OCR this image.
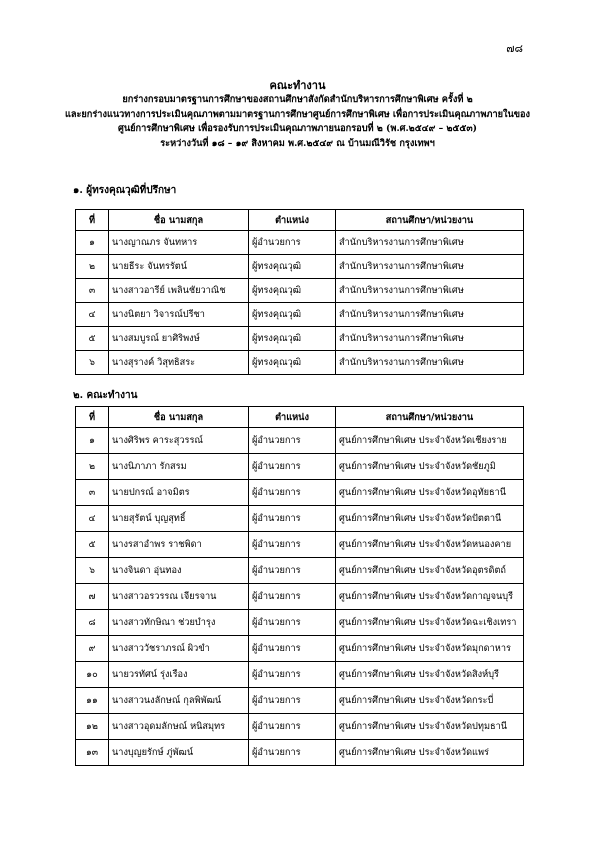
๗๘
คณะทำงาน
ยกร่างกรอบมาตรฐานการศึกษาของสถานศึกษาสังกัดสำนักบริหารการศึกษาพิเศษ ครั้งที่ ๒
และยกร่างแนวทางการประเมินคุณภาพตามมาตรฐานการศึกษาศูนย์การศึกษาพิเศษ เพื่อการประเมินคุณภาพภายในของ
ศูนย์การศึกษาพิเศษ เพื่อรองรับการประเมินคุณภาพภายนอกรอบที่ ๒ (พ.ศ.๒๕๔๙ – ๒๕๕๓)
ระหว่างวันที่ ๑๘ – ๑๙ สิงหาคม พ.ศ.๒๕๔๙ ณ บ้านมณีวิรัช กรุงเทพฯ
๑. ผู้ทรงคุณวุฒิที่ปรึกษา
ที่	ชื่อ นามสกุล	ตำแหน่ง	สถานศึกษา/หน่วยงาน
๑	นางญาณภร จันทหาร	ผู้อำนวยการ	สำนักบริหารงานการศึกษาพิเศษ
๒	นายธีระ จันทรรัตน์	ผู้ทรงคุณวุฒิ	สำนักบริหารงานการศึกษาพิเศษ
๓	นางสาวอารีย์ เพลินชัยวาณิช	ผู้ทรงคุณวุฒิ	สำนักบริหารงานการศึกษาพิเศษ
๔	นางนิตยา วิจารณ์ปรีชา	ผู้ทรงคุณวุฒิ	สำนักบริหารงานการศึกษาพิเศษ
๕	นางสมบูรณ์ ยาศิริพงษ์	ผู้ทรงคุณวุฒิ	สำนักบริหารงานการศึกษาพิเศษ
๖	นางสุรางค์ วิสุทธิสระ	ผู้ทรงคุณวุฒิ	สำนักบริหารงานการศึกษาพิเศษ
๒. คณะทำงาน
ที่	ชื่อ นามสกุล	ตำแหน่ง	สถานศึกษา/หน่วยงาน
๑	นางศิริพร คาระสุวรรณ์	ผู้อำนวยการ	ศูนย์การศึกษาพิเศษ ประจำจังหวัดเชียงราย
๒	นางนิภาภา รักสรม	ผู้อำนวยการ	ศูนย์การศึกษาพิเศษ ประจำจังหวัดชัยภูมิ
๓	นายปกรณ์ อาจมิตร	ผู้อำนวยการ	ศูนย์การศึกษาพิเศษ ประจำจังหวัดอุทัยธานี
๔	นายสุรัตน์ บุญสุทธิ์	ผู้อำนวยการ	ศูนย์การศึกษาพิเศษ ประจำจังหวัดปัตตานี
๕	นางรสาอำพร ราชพิดา	ผู้อำนวยการ	ศูนย์การศึกษาพิเศษ ประจำจังหวัดหนองคาย
๖	นางจินดา อุ่นทอง	ผู้อำนวยการ	ศูนย์การศึกษาพิเศษ ประจำจังหวัดอุตรดิตถ์
๗	นางสาวอรวรรณ เจียรจาน	ผู้อำนวยการ	ศูนย์การศึกษาพิเศษ ประจำจังหวัดกาญจนบุรี
๘	นางสาวทักษิณา ช่วยบำรุง	ผู้อำนวยการ	ศูนย์การศึกษาพิเศษ ประจำจังหวัดฉะเชิงเทรา
๙	นางสาววัชราภรณ์ ผิวขำ	ผู้อำนวยการ	ศูนย์การศึกษาพิเศษ ประจำจังหวัดมุกดาหาร
๑๐	นายวรทัศน์ รุ่งเรือง	ผู้อำนวยการ	ศูนย์การศึกษาพิเศษ ประจำจังหวัดสิงห์บุรี
๑๑	นางสาวนงลักษณ์ กุลพิพัฒน์	ผู้อำนวยการ	ศูนย์การศึกษาพิเศษ ประจำจังหวัดกระบี่
๑๒	นางสาวอุดมลักษณ์ หนิสมุทร	ผู้อำนวยการ	ศูนย์การศึกษาพิเศษ ประจำจังหวัดปทุมธานี
๑๓	นางบุญยรักษ์ ภู่พัฒน์	ผู้อำนวยการ	ศูนย์การศึกษาพิเศษ ประจำจังหวัดแพร่
